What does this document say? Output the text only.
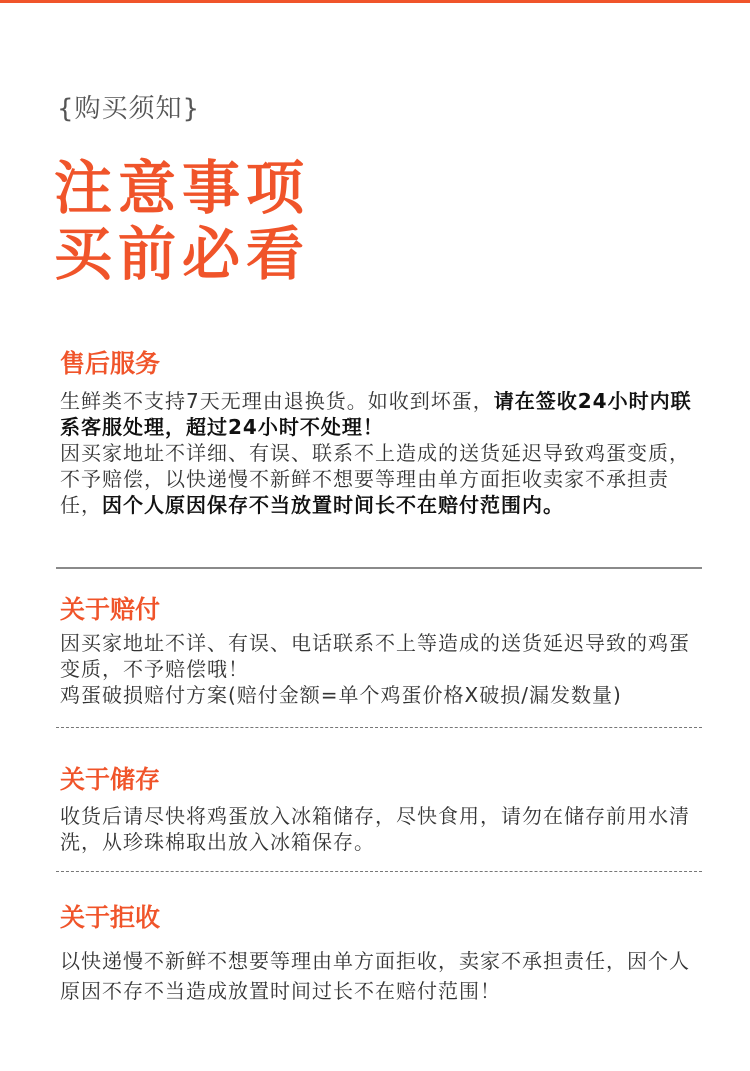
{购买须知}
注意事项
买前必看
售后服务
生鲜类不支持7天无理由退换货。如收到坏蛋，请在签收24小时内联系客服处理，超过24小时不处理！
因买家地址不详细、有误、联系不上造成的送货延迟导致鸡蛋变质，不予赔偿，以快递慢不新鲜不想要等理由单方面拒收卖家不承担责任，因个人原因保存不当放置时间长不在赔付范围内。
关于赔付
因买家地址不详、有误、电话联系不上等造成的送货延迟导致的鸡蛋变质，不予赔偿哦！
鸡蛋破损赔付方案(赔付金额=单个鸡蛋价格X破损/漏发数量)
关于储存
收货后请尽快将鸡蛋放入冰箱储存，尽快食用，请勿在储存前用水清洗，从珍珠棉取出放入冰箱保存。
关于拒收
以快递慢不新鲜不想要等理由单方面拒收，卖家不承担责任，因个人原因不存不当造成放置时间过长不在赔付范围！
